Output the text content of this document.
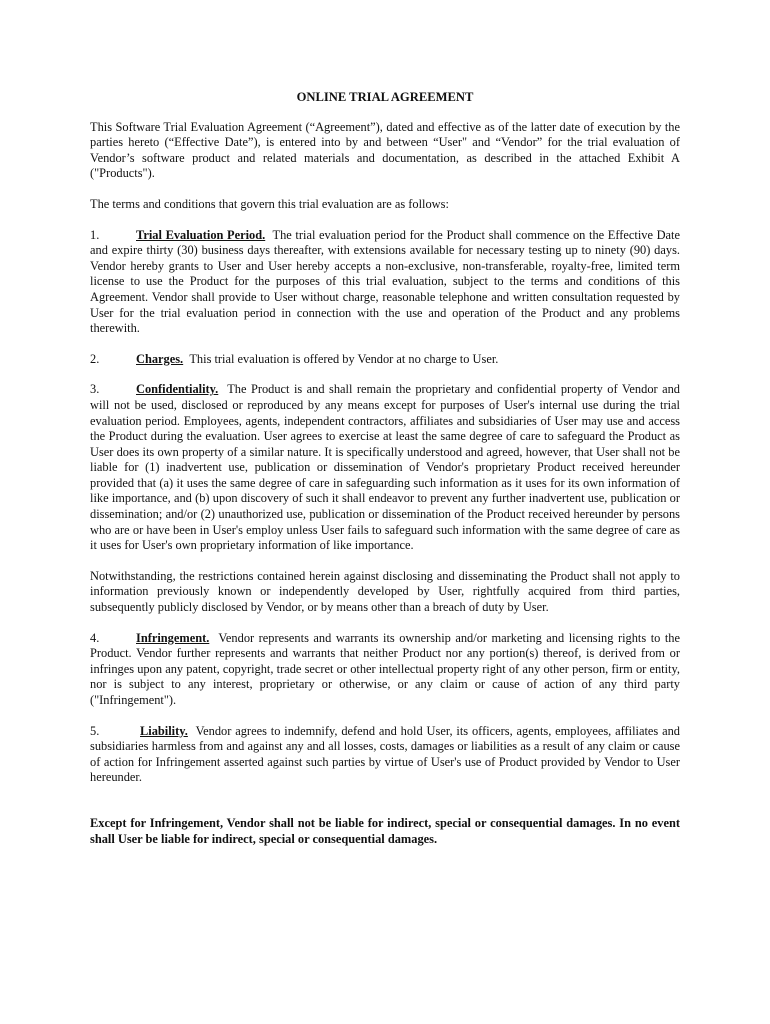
ONLINE TRIAL AGREEMENT

This Software Trial Evaluation Agreement (“Agreement”), dated and effective as of the latter date of execution by the parties hereto (“Effective Date”), is entered into by and between “User" and “Vendor” for the trial evaluation of Vendor’s software product and related materials and documentation, as described in the attached Exhibit A ("Products").

The terms and conditions that govern this trial evaluation are as follows:

1.	Trial Evaluation Period. The trial evaluation period for the Product shall commence on the Effective Date and expire thirty (30) business days thereafter, with extensions available for necessary testing up to ninety (90) days. Vendor hereby grants to User and User hereby accepts a non-exclusive, non-transferable, royalty-free, limited term license to use the Product for the purposes of this trial evaluation, subject to the terms and conditions of this Agreement. Vendor shall provide to User without charge, reasonable telephone and written consultation requested by User for the trial evaluation period in connection with the use and operation of the Product and any problems therewith.

2.	Charges. This trial evaluation is offered by Vendor at no charge to User.

3.	Confidentiality. The Product is and shall remain the proprietary and confidential property of Vendor and will not be used, disclosed or reproduced by any means except for purposes of User's internal use during the trial evaluation period. Employees, agents, independent contractors, affiliates and subsidiaries of User may use and access the Product during the evaluation. User agrees to exercise at least the same degree of care to safeguard the Product as User does its own property of a similar nature. It is specifically understood and agreed, however, that User shall not be liable for (1) inadvertent use, publication or dissemination of Vendor's proprietary Product received hereunder provided that (a) it uses the same degree of care in safeguarding such information as it uses for its own information of like importance, and (b) upon discovery of such it shall endeavor to prevent any further inadvertent use, publication or dissemination; and/or (2) unauthorized use, publication or dissemination of the Product received hereunder by persons who are or have been in User's employ unless User fails to safeguard such information with the same degree of care as it uses for User's own proprietary information of like importance.

Notwithstanding, the restrictions contained herein against disclosing and disseminating the Product shall not apply to information previously known or independently developed by User, rightfully acquired from third parties, subsequently publicly disclosed by Vendor, or by means other than a breach of duty by User.

4.	Infringement. Vendor represents and warrants its ownership and/or marketing and licensing rights to the Product. Vendor further represents and warrants that neither Product nor any portion(s) thereof, is derived from or infringes upon any patent, copyright, trade secret or other intellectual property right of any other person, firm or entity, nor is subject to any interest, proprietary or otherwise, or any claim or cause of action of any third party ("Infringement").

5.	Liability. Vendor agrees to indemnify, defend and hold User, its officers, agents, employees, affiliates and subsidiaries harmless from and against any and all losses, costs, damages or liabilities as a result of any claim or cause of action for Infringement asserted against such parties by virtue of User's use of Product provided by Vendor to User hereunder.

Except for Infringement, Vendor shall not be liable for indirect, special or consequential damages. In no event shall User be liable for indirect, special or consequential damages.
